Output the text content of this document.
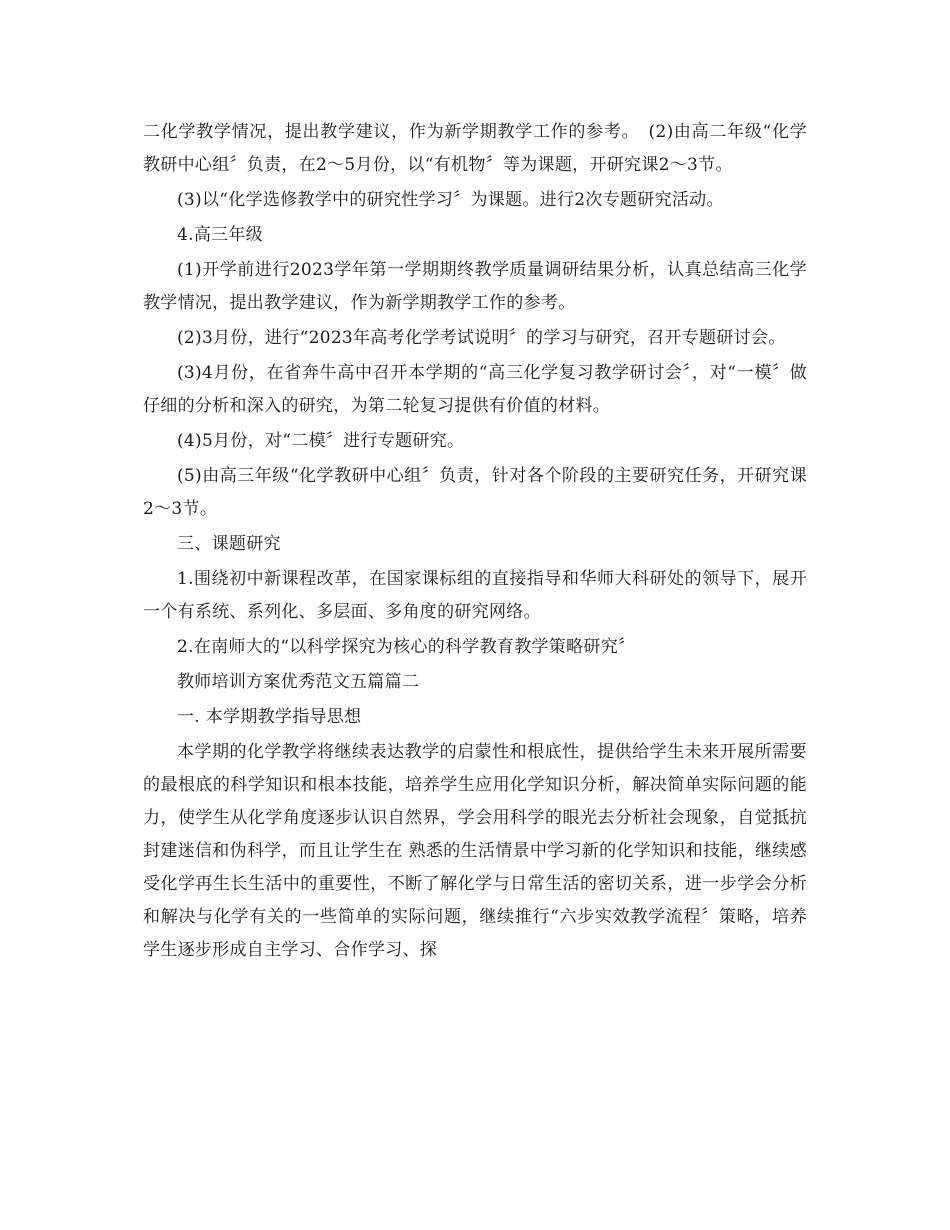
二化学教学情况，提出教学建议，作为新学期教学工作的参考。　(2)由高二年级“化学教研中心组〞负责，在2～5月份，以“有机物〞等为课题，开研究课2～3节。

(3)以“化学选修教学中的研究性学习〞为课题。进行2次专题研究活动。

4.高三年级

(1)开学前进行2023学年第一学期期终教学质量调研结果分析，认真总结高三化学教学情况，提出教学建议，作为新学期教学工作的参考。

(2)3月份，进行“2023年高考化学考试说明〞的学习与研究，召开专题研讨会。

(3)4月份，在省奔牛高中召开本学期的“高三化学复习教学研讨会〞，对“一模〞做仔细的分析和深入的研究，为第二轮复习提供有价值的材料。

(4)5月份，对“二模〞进行专题研究。

(5)由高三年级“化学教研中心组〞负责，针对各个阶段的主要研究任务，开研究课2～3节。

三、课题研究

1.围绕初中新课程改革，在国家课标组的直接指导和华师大科研处的领导下，展开一个有系统、系列化、多层面、多角度的研究网络。

2.在南师大的“以科学探究为核心的科学教育教学策略研究〞

教师培训方案优秀范文五篇篇二

一. 本学期教学指导思想

本学期的化学教学将继续表达教学的启蒙性和根底性，提供给学生未来开展所需要的最根底的科学知识和根本技能，培养学生应用化学知识分析，解决简单实际问题的能力，使学生从化学角度逐步认识自然界，学会用科学的眼光去分析社会现象，自觉抵抗封建迷信和伪科学，而且让学生在 熟悉的生活情景中学习新的化学知识和技能，继续感受化学再生长生活中的重要性，不断了解化学与日常生活的密切关系，进一步学会分析和解决与化学有关的一些简单的实际问题，继续推行“六步实效教学流程〞策略，培养学生逐步形成自主学习、合作学习、探
